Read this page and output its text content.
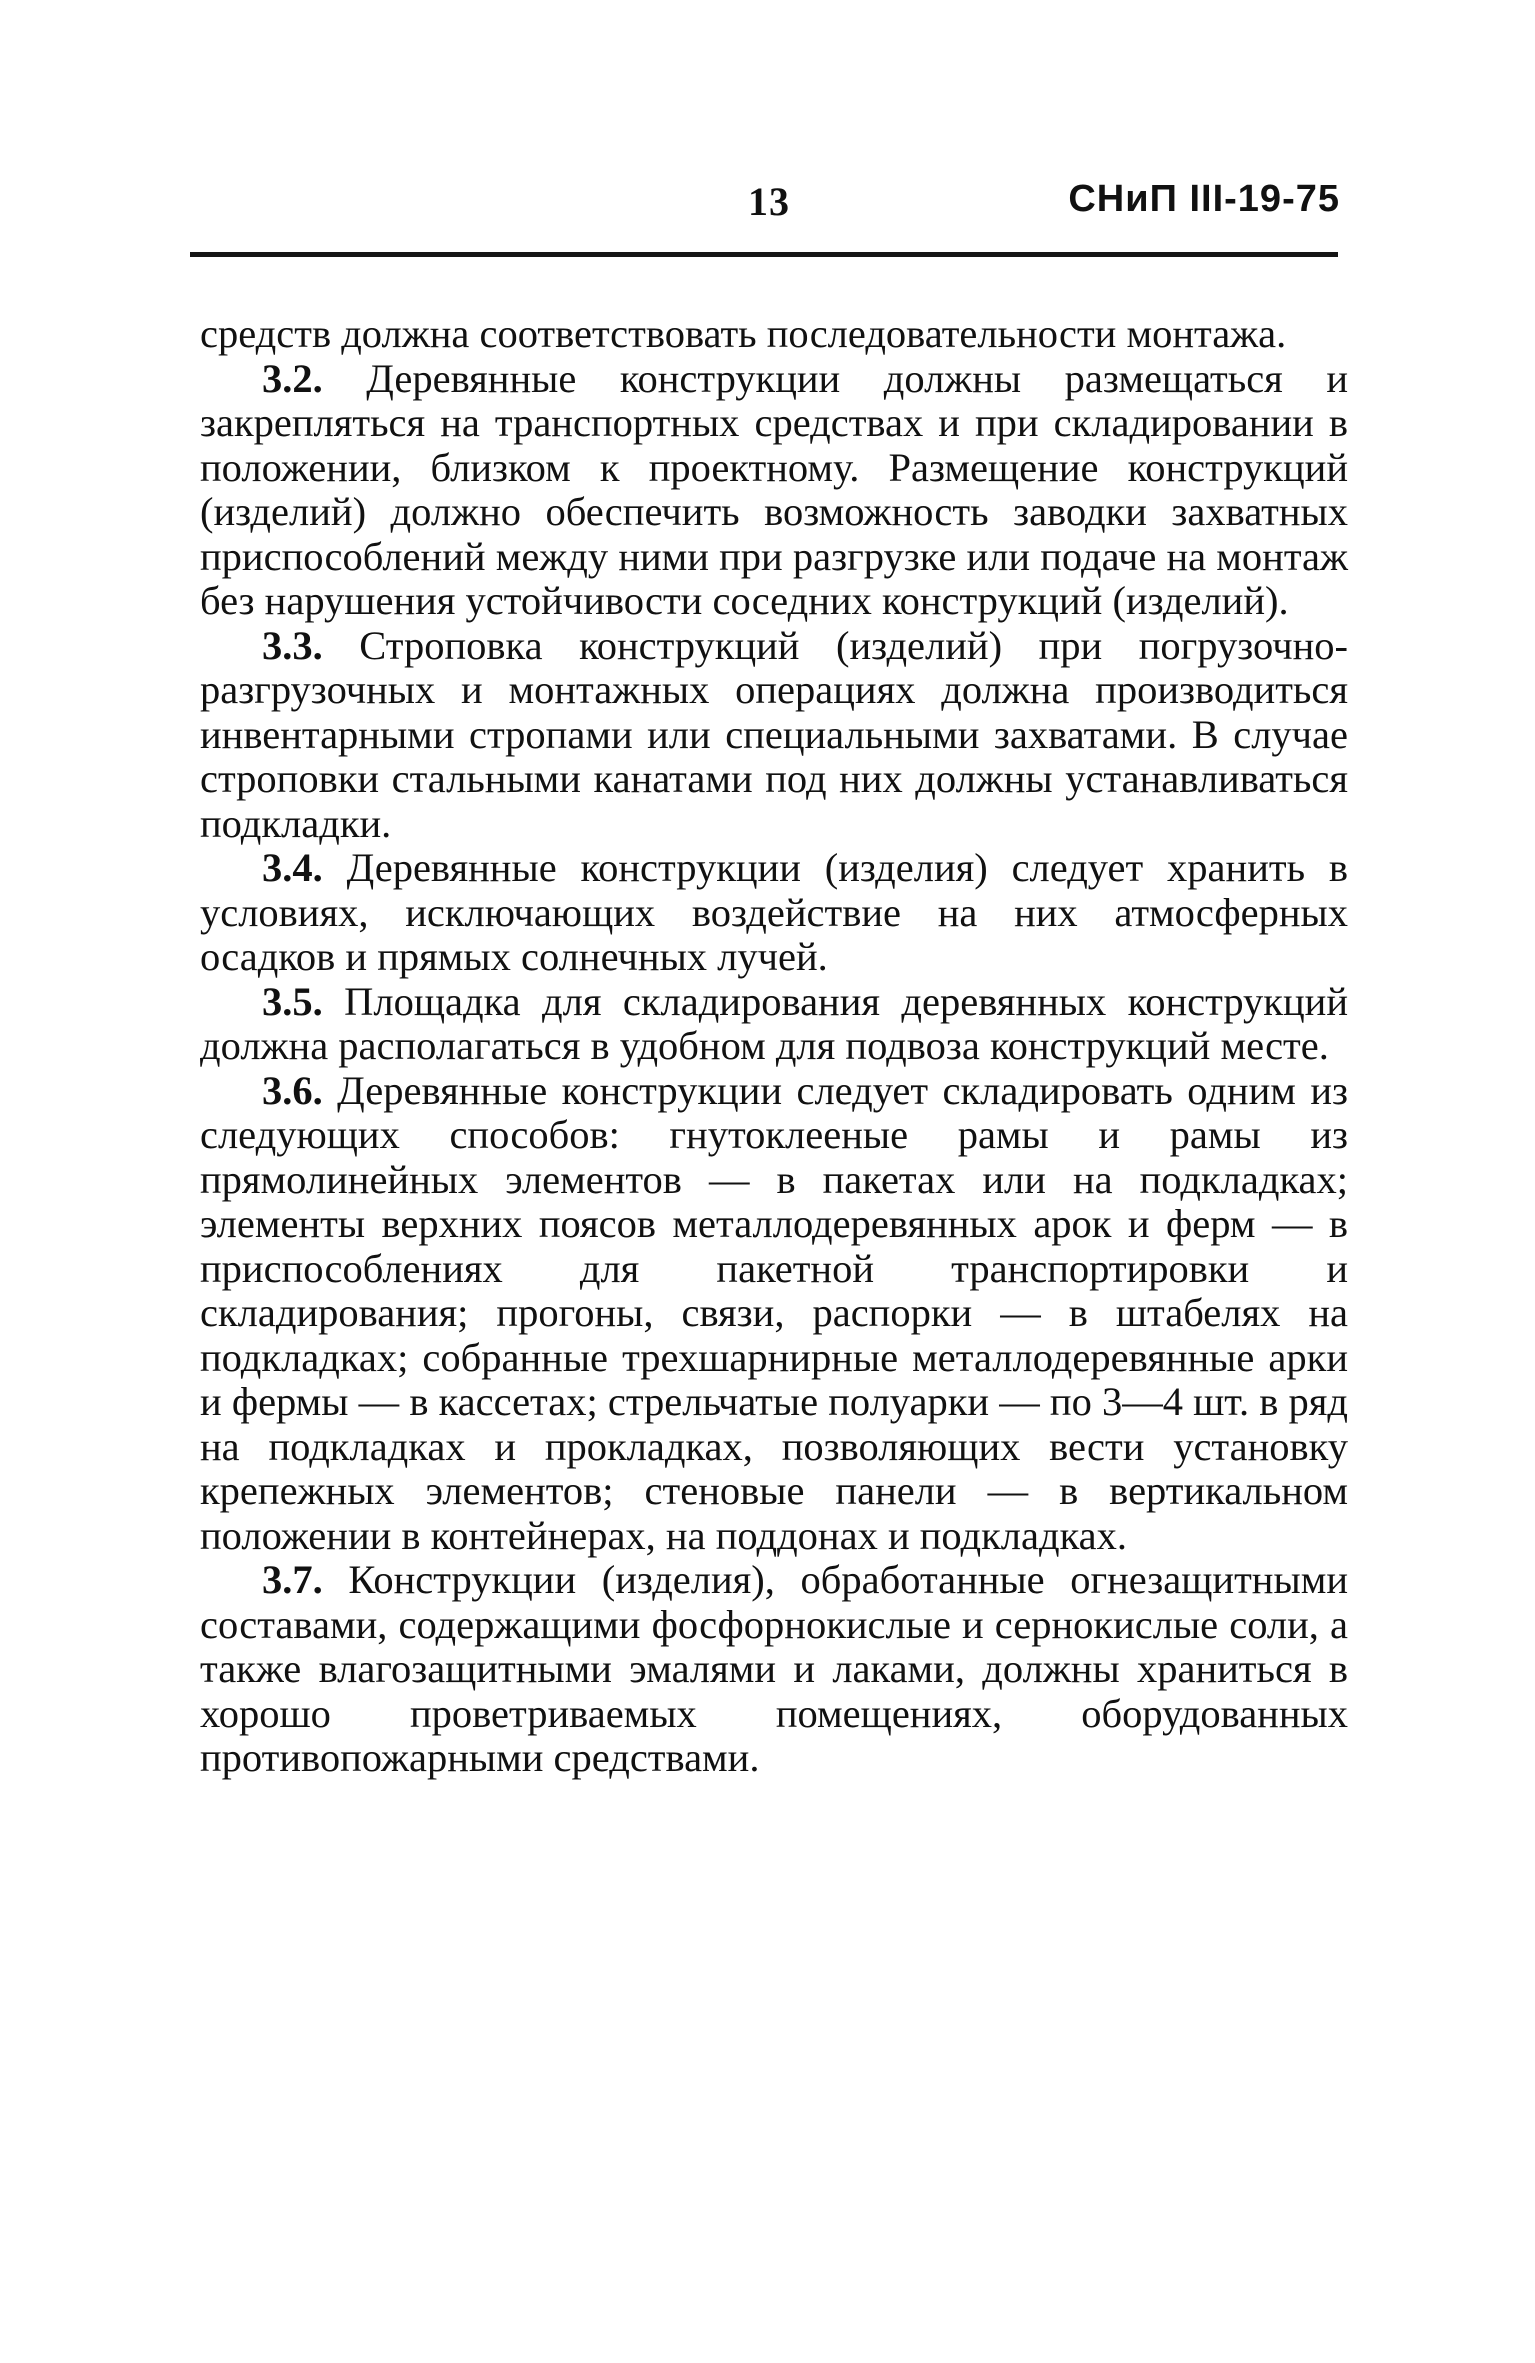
13	СНиП III-19-75

средств должна соответствовать последовательности монтажа.

3.2. Деревянные конструкции должны размещаться и закрепляться на транспортных средствах и при складировании в положении, близком к проектному. Размещение конструкций (изделий) должно обеспечить возможность заводки захватных приспособлений между ними при разгрузке или подаче на монтаж без нарушения устойчивости соседних конструкций (изделий).

3.3. Строповка конструкций (изделий) при погрузочно-разгрузочных и монтажных операциях должна производиться инвентарными стропами или специальными захватами. В случае строповки стальными канатами под них должны устанавливаться подкладки.

3.4. Деревянные конструкции (изделия) следует хранить в условиях, исключающих воздействие на них атмосферных осадков и прямых солнечных лучей.

3.5. Площадка для складирования деревянных конструкций должна располагаться в удобном для подвоза конструкций месте.

3.6. Деревянные конструкции следует складировать одним из следующих способов: гнутоклееные рамы и рамы из прямолинейных элементов — в пакетах или на подкладках; элементы верхних поясов металлодеревянных арок и ферм — в приспособлениях для пакетной транспортировки и складирования; прогоны, связи, распорки — в штабелях на подкладках; собранные трехшарнирные металлодеревянные арки и фермы — в кассетах; стрельчатые полуарки — по 3—4 шт. в ряд на подкладках и прокладках, позволяющих вести установку крепежных элементов; стеновые панели — в вертикальном положении в контейнерах, на поддонах и подкладках.

3.7. Конструкции (изделия), обработанные огнезащитными составами, содержащими фосфорнокислые и сернокислые соли, а также влагозащитными эмалями и лаками, должны храниться в хорошо проветриваемых помещениях, оборудованных противопожарными средствами.
